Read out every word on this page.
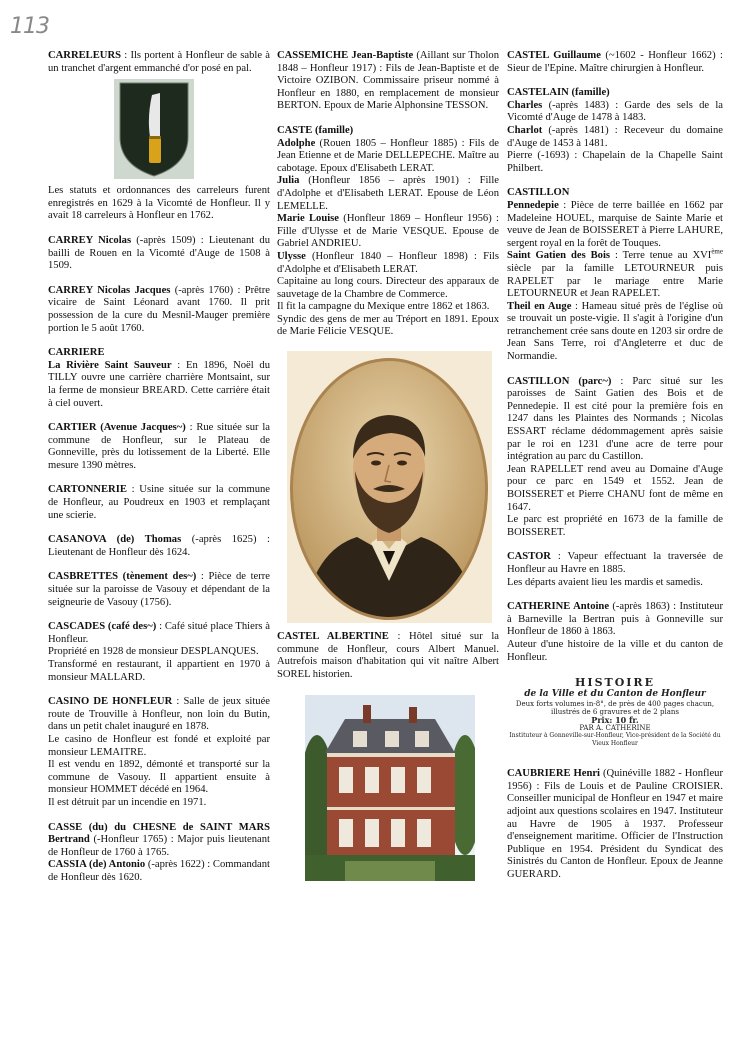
113

CARRELEURS : Ils portent à Honfleur de sable à un tranchet d'argent emmanché d'or posé en pal.

Les statuts et ordonnances des carreleurs furent enregistrés en 1629 à la Vicomté de Honfleur. Il y avait 18 carreleurs à Honfleur en 1762.

CARREY Nicolas (-après 1509) : Lieutenant du bailli de Rouen en la Vicomté d'Auge de 1508 à 1509.

CARREY Nicolas Jacques (-après 1760) : Prêtre vicaire de Saint Léonard avant 1760. Il prit possession de la cure du Mesnil-Mauger première portion le 5 août 1760.

CARRIERE

La Rivière Saint Sauveur : En 1896, Noël du TILLY ouvre une carrière charrière Montsaint, sur la ferme de monsieur BREARD. Cette carrière était à ciel ouvert.

CARTIER (Avenue Jacques~) : Rue située sur la commune de Honfleur, sur le Plateau de Gonneville, près du lotissement de la Liberté. Elle mesure 1390 mètres.

CARTONNERIE : Usine située sur la commune de Honfleur, au Poudreux en 1903 et remplaçant une scierie.

CASANOVA (de) Thomas (-après 1625) : Lieutenant de Honfleur dès 1624.

CASBRETTES (tènement des~) : Pièce de terre située sur la paroisse de Vasouy et dépendant de la seigneurie de Vasouy (1756).

CASCADES (café des~) : Café situé place Thiers à Honfleur.

Propriété en 1928 de monsieur DESPLANQUES.

Transformé en restaurant, il appartient en 1970 à monsieur MALLARD.

CASINO DE HONFLEUR : Salle de jeux située route de Trouville à Honfleur, non loin du Butin, dans un petit chalet inauguré en 1878.

Le casino de Honfleur est fondé et exploité par monsieur LEMAITRE.

Il est vendu en 1892, démonté et transporté sur la commune de Vasouy. Il appartient ensuite à monsieur HOMMET décédé en 1964.

Il est détruit par un incendie en 1971.

CASSE (du) du CHESNE de SAINT MARS Bertrand (-Honfleur 1765) : Major puis lieutenant de Honfleur de 1760 à 1765.

CASSIA (de) Antonio (-après 1622) : Commandant de Honfleur dès 1620.

CASSEMICHE Jean-Baptiste (Aillant sur Tholon 1848 – Honfleur 1917) : Fils de Jean-Baptiste et de Victoire OZIBON. Commissaire priseur nommé à Honfleur en 1880, en remplacement de monsieur BERTON. Epoux de Marie Alphonsine TESSON.

CASTE (famille)

Adolphe (Rouen 1805 – Honfleur 1885) : Fils de Jean Etienne et de Marie DELLEPECHE. Maître au cabotage. Epoux d'Elisabeth LERAT.

Julia (Honfleur 1856 – après 1901) : Fille d'Adolphe et d'Elisabeth LERAT. Epouse de Léon LEMELLE.

Marie Louise (Honfleur 1869 – Honfleur 1956) : Fille d'Ulysse et de Marie VESQUE. Epouse de Gabriel ANDRIEU.

Ulysse (Honfleur 1840 – Honfleur 1898) : Fils d'Adolphe et d'Elisabeth LERAT.

Capitaine au long cours. Directeur des apparaux de sauvetage de la Chambre de Commerce.

Il fit la campagne du Mexique entre 1862 et 1863.

Syndic des gens de mer au Tréport en 1891. Epoux de Marie Félicie VESQUE.

CASTEL ALBERTINE : Hôtel situé sur la commune de Honfleur, cours Albert Manuel. Autrefois maison d'habitation qui vit naître Albert SOREL historien.

CASTEL Guillaume (~1602 - Honfleur 1662) : Sieur de l'Epine. Maître chirurgien à Honfleur.

CASTELAIN (famille)

Charles (-après 1483) : Garde des sels de la Vicomté d'Auge de 1478 à 1483.

Charlot (-après 1481) : Receveur du domaine d'Auge de 1453 à 1481.

Pierre (-1693) : Chapelain de la Chapelle Saint Philbert.

CASTILLON

Pennedepie : Pièce de terre baillée en 1662 par Madeleine HOUEL, marquise de Sainte Marie et veuve de Jean de BOISSERET à Pierre LAHURE, sergent royal en la forêt de Touques.

Saint Gatien des Bois : Terre tenue au XVIème siècle par la famille LETOURNEUR puis RAPELET par le mariage entre Marie LETOURNEUR et Jean RAPELET.

Theil en Auge : Hameau situé près de l'église où se trouvait un poste-vigie. Il s'agit à l'origine d'un retranchement crée sans doute en 1203 sir ordre de Jean Sans Terre, roi d'Angleterre et duc de Normandie.

CASTILLON (parc~) : Parc situé sur les paroisses de Saint Gatien des Bois et de Pennedepie. Il est cité pour la première fois en 1247 dans les Plaintes des Normands ; Nicolas ESSART réclame dédommagement après saisie par le roi en 1231 d'une acre de terre pour intégration au parc du Castillon.

Jean RAPELLET rend aveu au Domaine d'Auge pour ce parc en 1549 et 1552. Jean de BOISSERET et Pierre CHANU font de même en 1647.

Le parc est propriété en 1673 de la famille de BOISSERET.

CASTOR : Vapeur effectuant la traversée de Honfleur au Havre en 1885.

Les départs avaient lieu les mardis et samedis.

CATHERINE Antoine (-après 1863) : Instituteur à Barneville la Bertran puis à Gonneville sur Honfleur de 1860 à 1863.

Auteur d'une histoire de la ville et du canton de Honfleur.

HISTOIRE
de la Ville et du Canton de Honfleur
Deux forts volumes in-8°, de près de 400 pages chacun,
illustrés de 6 gravures et de 2 plans
Prix: 10 fr.
PAR A. CATHERINE
Instituteur à Gonneville-sur-Honfleur, Vice-président de la Société du Vieux Honfleur

CAUBRIERE Henri (Quinéville 1882 - Honfleur 1956) : Fils de Louis et de Pauline CROISIER. Conseiller municipal de Honfleur en 1947 et maire adjoint aux questions scolaires en 1947. Instituteur au Havre de 1905 à 1937. Professeur d'enseignement maritime. Officier de l'Instruction Publique en 1954. Président du Syndicat des Sinistrés du Canton de Honfleur. Epoux de Jeanne GUERARD.
